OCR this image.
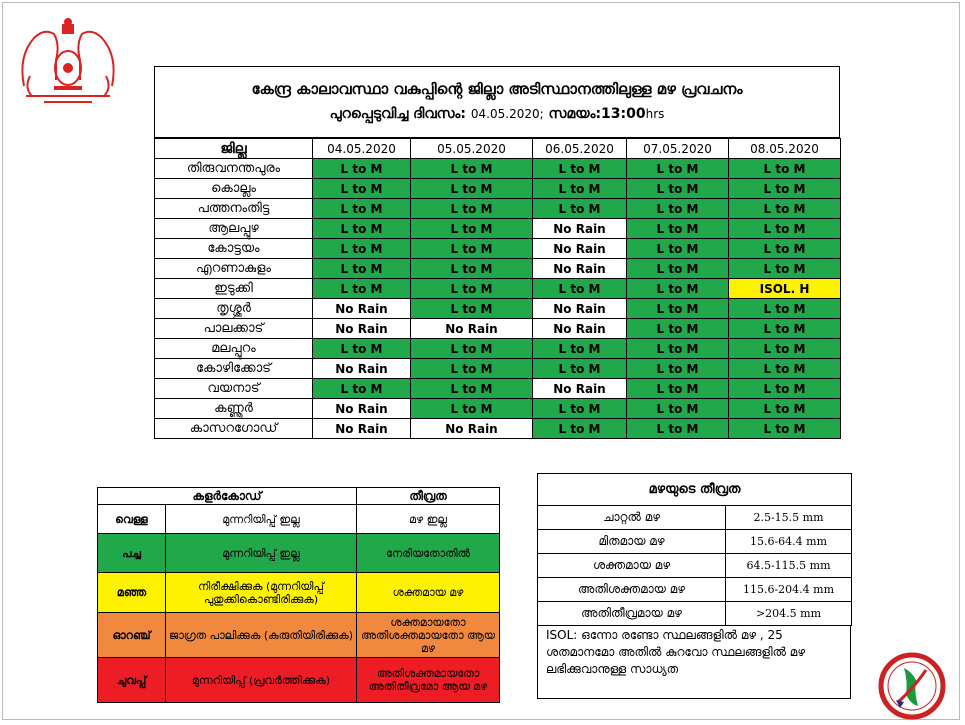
കേന്ദ്ര കാലാവസ്ഥാ വകുപ്പിന്റെ ജില്ലാ അടിസ്ഥാനത്തിലുള്ള മഴ പ്രവചനം
പുറപ്പെടുവിച്ച ദിവസം: 04.05.2020; സമയം:13:00hrs
ജില്ല	04.05.2020	05.05.2020	06.05.2020	07.05.2020	08.05.2020
തിരുവനന്തപുരം	L to M	L to M	L to M	L to M	L to M
കൊല്ലം	L to M	L to M	L to M	L to M	L to M
പത്തനംതിട്ട	L to M	L to M	L to M	L to M	L to M
ആലപ്പുഴ	L to M	L to M	No Rain	L to M	L to M
കോട്ടയം	L to M	L to M	No Rain	L to M	L to M
എറണാകുളം	L to M	L to M	No Rain	L to M	L to M
ഇടുക്കി	L to M	L to M	L to M	L to M	ISOL. H
തൃശ്ശൂർ	No Rain	L to M	No Rain	L to M	L to M
പാലക്കാട്	No Rain	No Rain	No Rain	L to M	L to M
മലപ്പുറം	L to M	L to M	L to M	L to M	L to M
കോഴിക്കോട്	No Rain	L to M	L to M	L to M	L to M
വയനാട്	L to M	L to M	No Rain	L to M	L to M
കണ്ണൂർ	No Rain	L to M	L to M	L to M	L to M
കാസറഗോഡ്	No Rain	No Rain	L to M	L to M	L to M
കളർകോഡ്		തീവ്രത
വെള്ള	മുന്നറിയിപ്പ് ഇല്ല	മഴ ഇല്ല
പച്ച	മുന്നറിയിപ്പ് ഇല്ല	നേരിയതോതിൽ
മഞ്ഞ	നിരീക്ഷിക്കുക (മുന്നറിയിപ്പ് പുതുക്കികൊണ്ടിരിക്കുക)	ശക്തമായ മഴ
ഓറഞ്ച്	ജാഗ്രത പാലിക്കുക (കരുതിയിരിക്കുക)	ശക്തമായതോ അതിശക്തമായതോ ആയ മഴ
ചുവപ്പ്	മുന്നറിയിപ്പ് (പ്രവർത്തിക്കുക)	അതിശക്തമായതോ അതിതീവ്രമോ ആയ മഴ
മഴയുടെ തീവ്രത	
ചാറ്റൽ മഴ	2.5-15.5 mm
മിതമായ മഴ	15.6-64.4 mm
ശക്തമായ മഴ	64.5-115.5 mm
അതിശക്തമായ മഴ	115.6-204.4 mm
അതിതീവ്രമായ മഴ	>204.5 mm
ISOL: ഒന്നോ രണ്ടോ സ്ഥലങ്ങളിൽ മഴ , 25 ശതമാനമോ അതിൽ കുറവോ സ്ഥലങ്ങളിൽ മഴ ലഭിക്കുവാനുള്ള സാധ്യത
